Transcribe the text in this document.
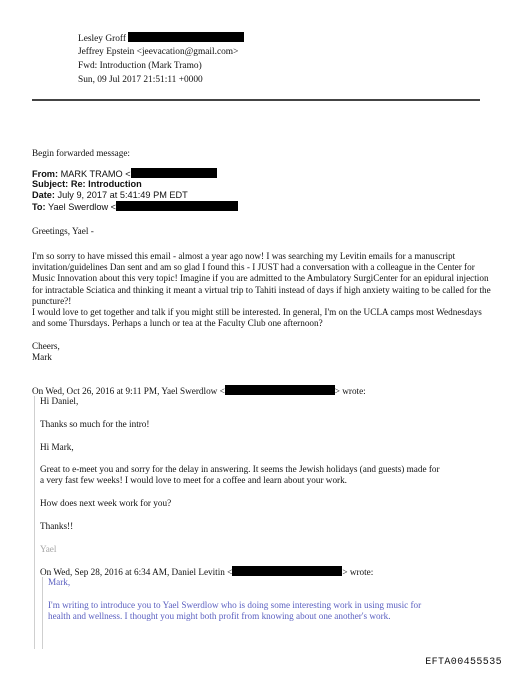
Lesley Groff
Jeffrey Epstein <jeevacation@gmail.com>
Fwd: Introduction (Mark Tramo)
Sun, 09 Jul 2017 21:51:11 +0000
Begin forwarded message:
From: MARK TRAMO <
Subject: Re: Introduction
Date: July 9, 2017 at 5:41:49 PM EDT
To: Yael Swerdlow <
Greetings, Yael -
I'm so sorry to have missed this email - almost a year ago now! I was searching my Levitin emails for a manuscript invitation/guidelines Dan sent and am so glad I found this - I JUST had a conversation with a colleague in the Center for Music Innovation about this very topic! Imagine if you are admitted to the Ambulatory SurgiCenter for an epidural injection for intractable Sciatica and thinking it meant a virtual trip to Tahiti instead of days if high anxiety waiting to be called for the puncture?!
I would love to get together and talk if you might still be interested. In general, I'm on the UCLA camps most Wednesdays and some Thursdays. Perhaps a lunch or tea at the Faculty Club one afternoon?
Cheers,
Mark
On Wed, Oct 26, 2016 at 9:11 PM, Yael Swerdlow <	> wrote:
Hi Daniel,
Thanks so much for the intro!
Hi Mark,
Great to e-meet you and sorry for the delay in answering. It seems the Jewish holidays (and guests) made for
a very fast few weeks! I would love to meet for a coffee and learn about your work.
How does next week work for you?
Thanks!!
Yael
On Wed, Sep 28, 2016 at 6:34 AM, Daniel Levitin <	> wrote:
Mark,
I'm writing to introduce you to Yael Swerdlow who is doing some interesting work in using music for
health and wellness. I thought you might both profit from knowing about one another's work.
EFTA00455535
